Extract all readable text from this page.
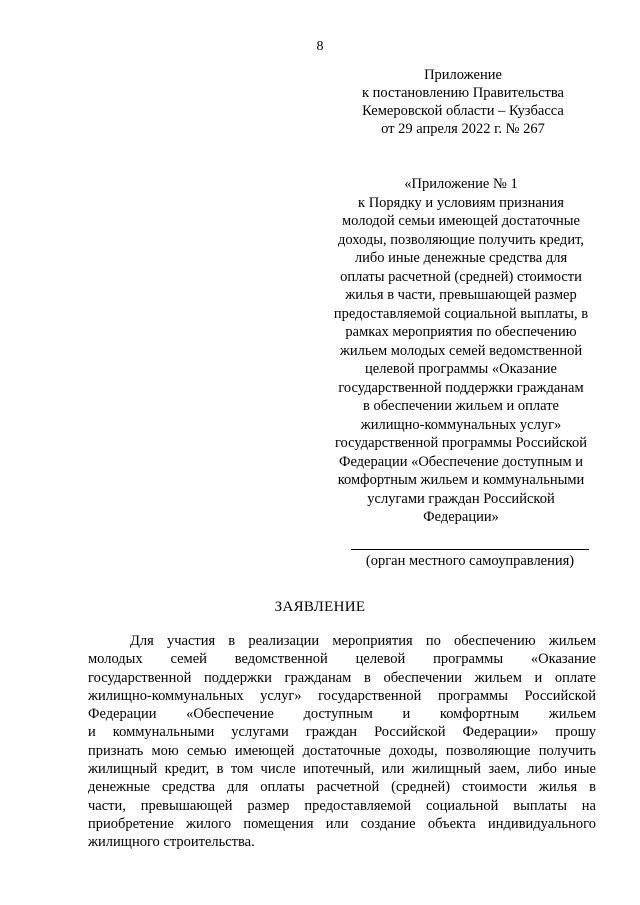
8
Приложение
к постановлению Правительства
Кемеровской области – Кузбасса
от 29 апреля 2022 г. № 267
«Приложение № 1
к Порядку и условиям признания
молодой семьи имеющей достаточные
доходы, позволяющие получить кредит,
либо иные денежные средства для
оплаты расчетной (средней) стоимости
жилья в части, превышающей размер
предоставляемой социальной выплаты, в
рамках мероприятия по обеспечению
жильем молодых семей ведомственной
целевой программы «Оказание
государственной поддержки гражданам
в обеспечении жильем и оплате
жилищно-коммунальных услуг»
государственной программы Российской
Федерации «Обеспечение доступным и
комфортным жильем и коммунальными
услугами граждан Российской
Федерации»
(орган местного самоуправления)
ЗАЯВЛЕНИЕ
Для участия в реализации мероприятия по обеспечению жильем
молодых семей ведомственной целевой программы «Оказание
государственной поддержки гражданам в обеспечении жильем и оплате
жилищно-коммунальных услуг» государственной программы Российской
Федерации «Обеспечение доступным и комфортным жильем
и коммунальными услугами граждан Российской Федерации» прошу
признать мою семью имеющей достаточные доходы, позволяющие получить
жилищный кредит, в том числе ипотечный, или жилищный заем, либо иные
денежные средства для оплаты расчетной (средней) стоимости жилья в
части, превышающей размер предоставляемой социальной выплаты на
приобретение жилого помещения или создание объекта индивидуального
жилищного строительства.
